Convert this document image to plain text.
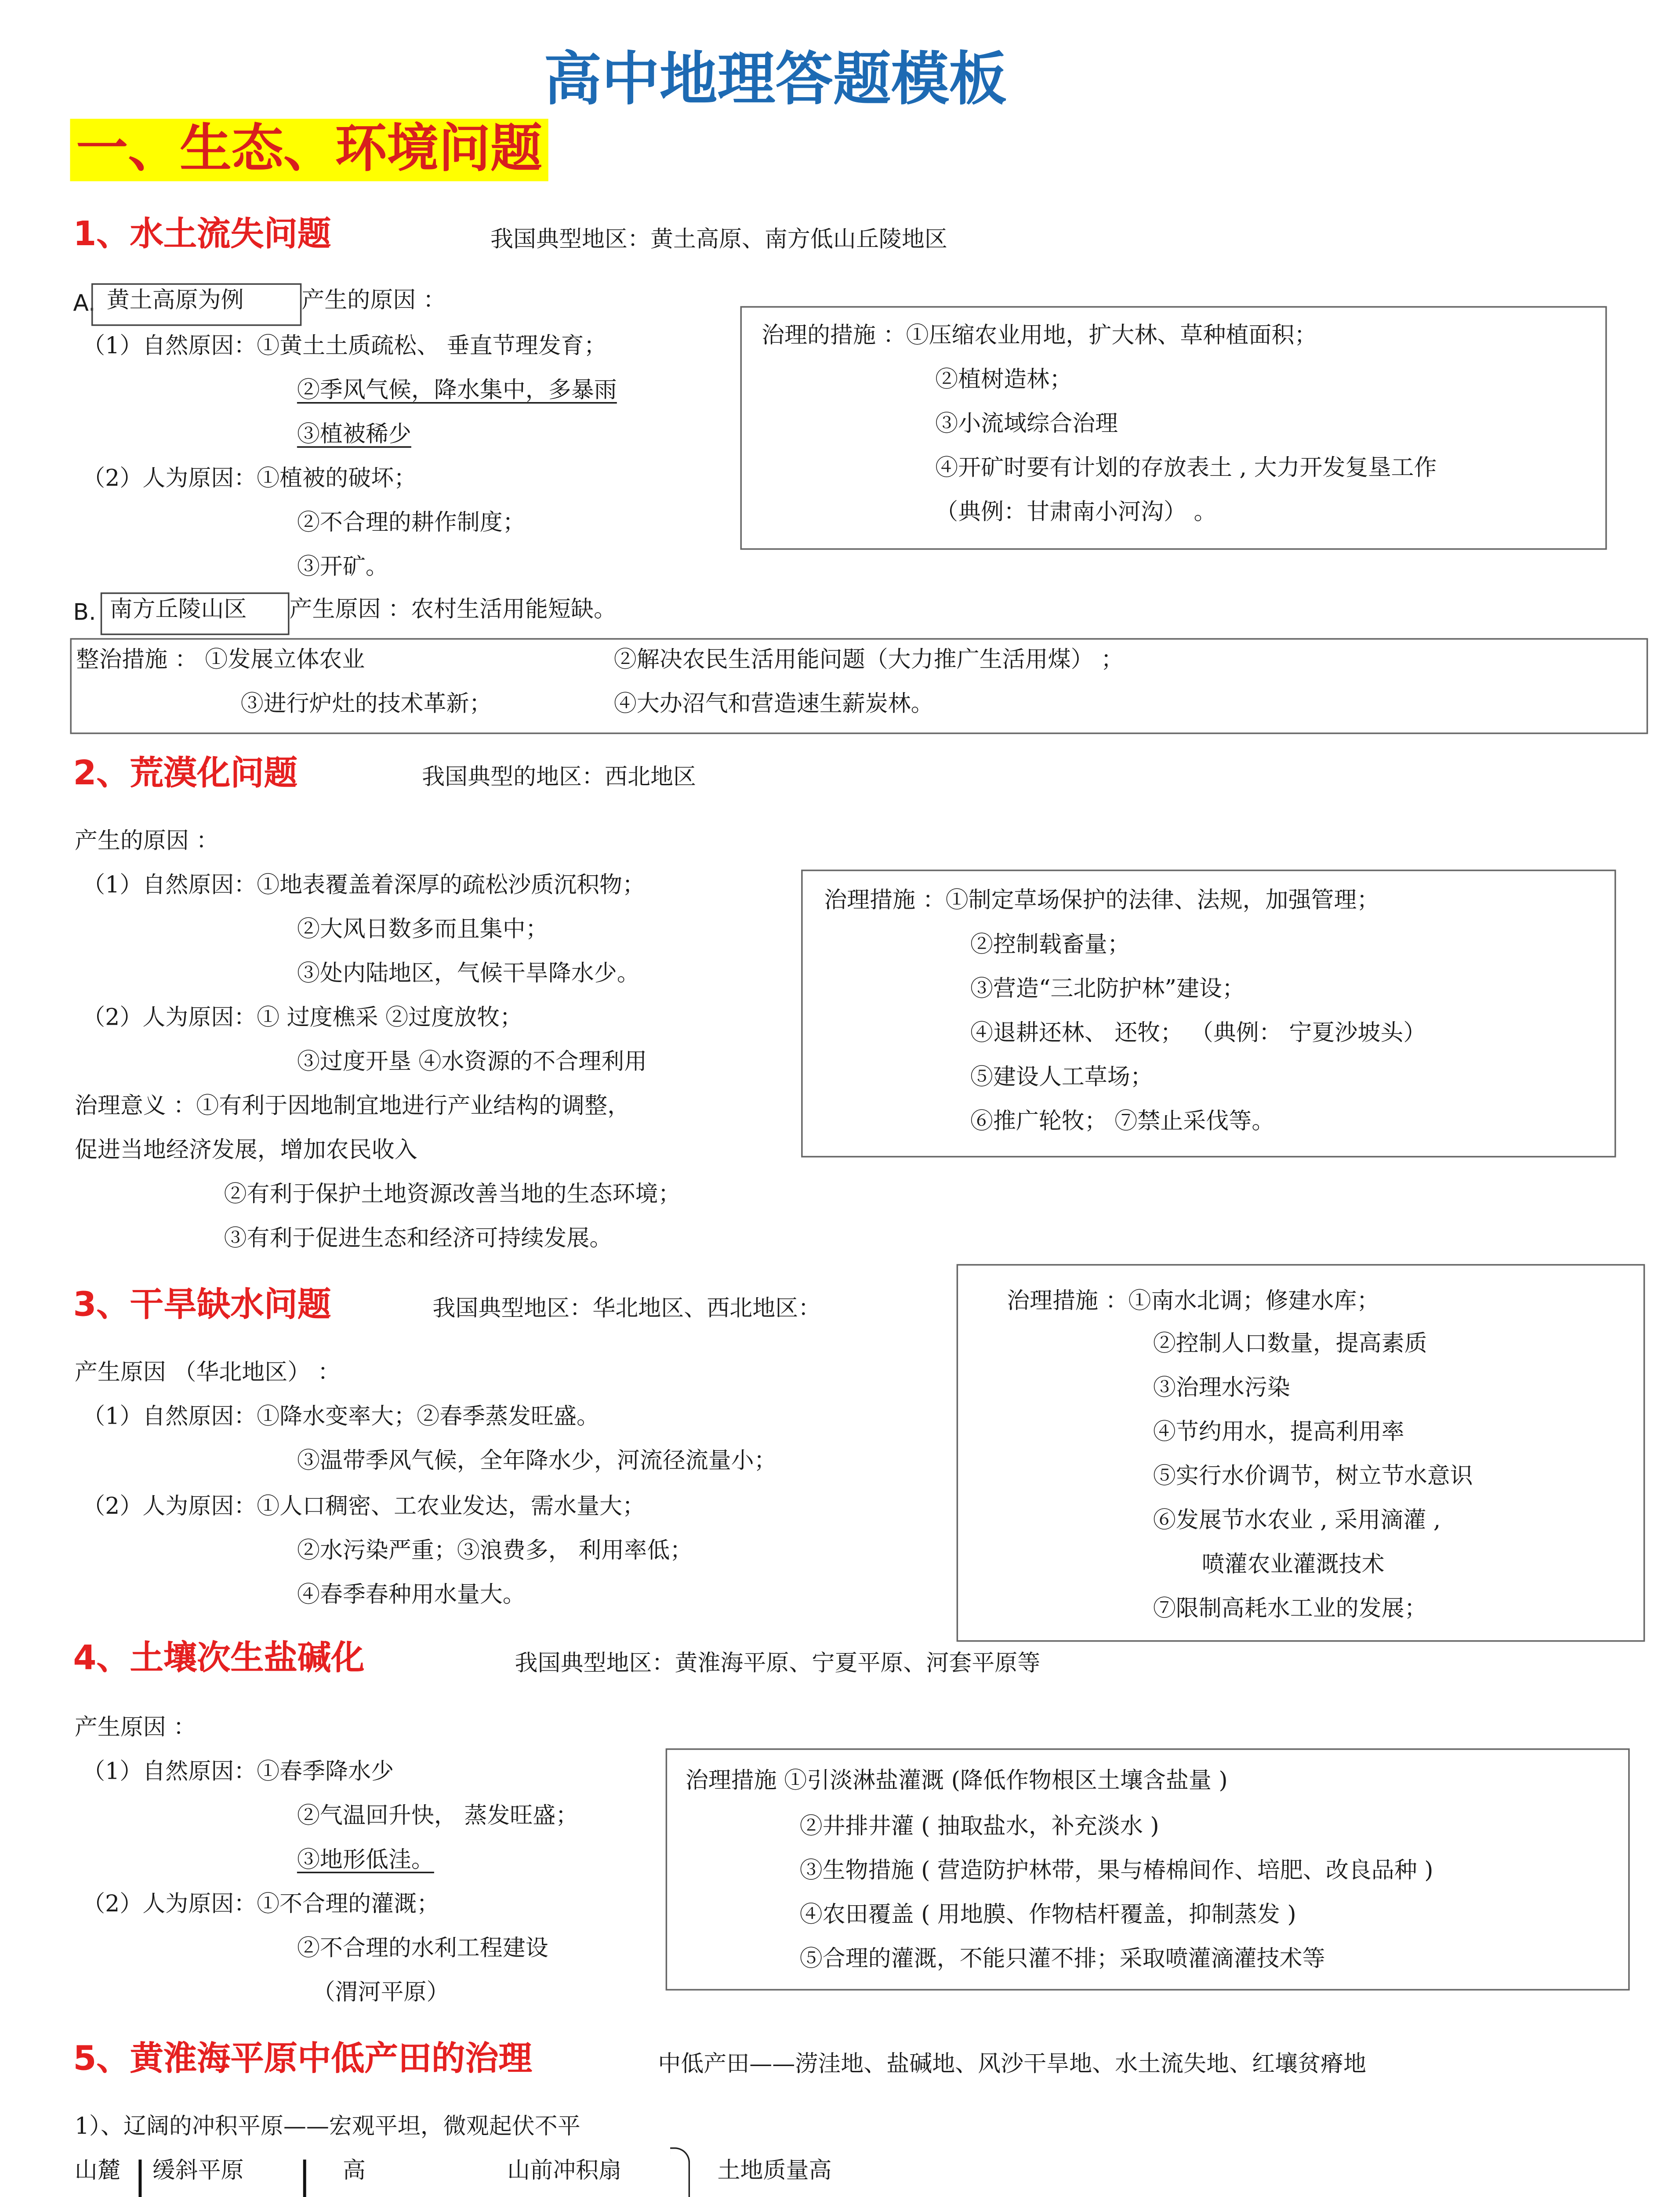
高中地理答题模板
一、生态、环境问题
1、水土流失问题	我国典型地区：黄土高原、南方低山丘陵地区
A. 黄土高原为例	产生的原因 ：
（1）自然原因：①黄土土质疏松、 垂直节理发育；
②季风气候，降水集中，多暴雨
③植被稀少
（2）人为原因：①植被的破坏；
②不合理的耕作制度；
③开矿。
治理的措施 ：①压缩农业用地，扩大林、草种植面积；
②植树造林；
③小流域综合治理
④开矿时要有计划的存放表土 , 大力开发复垦工作
（典例：甘肃南小河沟） 。
B. 南方丘陵山区	产生原因 ：农村生活用能短缺。
整治措施 ： ①发展立体农业	②解决农民生活用能问题（大力推广生活用煤） ；
③进行炉灶的技术革新；	④大办沼气和营造速生薪炭林。
2、荒漠化问题	我国典型的地区：西北地区
产生的原因 ：
（1）自然原因：①地表覆盖着深厚的疏松沙质沉积物；
②大风日数多而且集中；
③处内陆地区，气候干旱降水少。
（2）人为原因：① 过度樵采 ②过度放牧；
③过度开垦 ④水资源的不合理利用
治理意义 ：①有利于因地制宜地进行产业结构的调整，
促进当地经济发展，增加农民收入
②有利于保护土地资源改善当地的生态环境；
③有利于促进生态和经济可持续发展。
治理措施 ：①制定草场保护的法律、法规，加强管理；
②控制载畜量；
③营造“三北防护林”建设；
④退耕还林、 还牧； （典例： 宁夏沙坡头）
⑤建设人工草场；
⑥推广轮牧； ⑦禁止采伐等。
3、干旱缺水问题	我国典型地区：华北地区、西北地区：
产生原因 （华北地区） ：
（1）自然原因：①降水变率大；②春季蒸发旺盛。
③温带季风气候，全年降水少，河流径流量小；
（2）人为原因：①人口稠密、工农业发达，需水量大；
②水污染严重；③浪费多， 利用率低；
④春季春种用水量大。
治理措施 ：①南水北调；修建水库；
②控制人口数量，提高素质
③治理水污染
④节约用水，提高利用率
⑤实行水价调节，树立节水意识
⑥发展节水农业 , 采用滴灌 ,
喷灌农业灌溉技术
⑦限制高耗水工业的发展；
4、土壤次生盐碱化	我国典型地区：黄淮海平原、宁夏平原、河套平原等
产生原因 ：
（1）自然原因：①春季降水少
②气温回升快， 蒸发旺盛；
③地形低洼。
（2）人为原因：①不合理的灌溉；
②不合理的水利工程建设
（渭河平原）
治理措施 ①引淡淋盐灌溉 (降低作物根区土壤含盐量 )
②井排井灌 ( 抽取盐水，补充淡水 )
③生物措施 ( 营造防护林带，果与椿棉间作、培肥、改良品种 )
④农田覆盖 ( 用地膜、作物桔杆覆盖，抑制蒸发 )
⑤合理的灌溉，不能只灌不排；采取喷灌滴灌技术等
5、黄淮海平原中低产田的治理	中低产田——涝洼地、盐碱地、风沙干旱地、水土流失地、红壤贫瘠地
1）、辽阔的冲积平原——宏观平坦，微观起伏不平
山麓	缓斜平原	高	山前冲积扇	土地质量高
